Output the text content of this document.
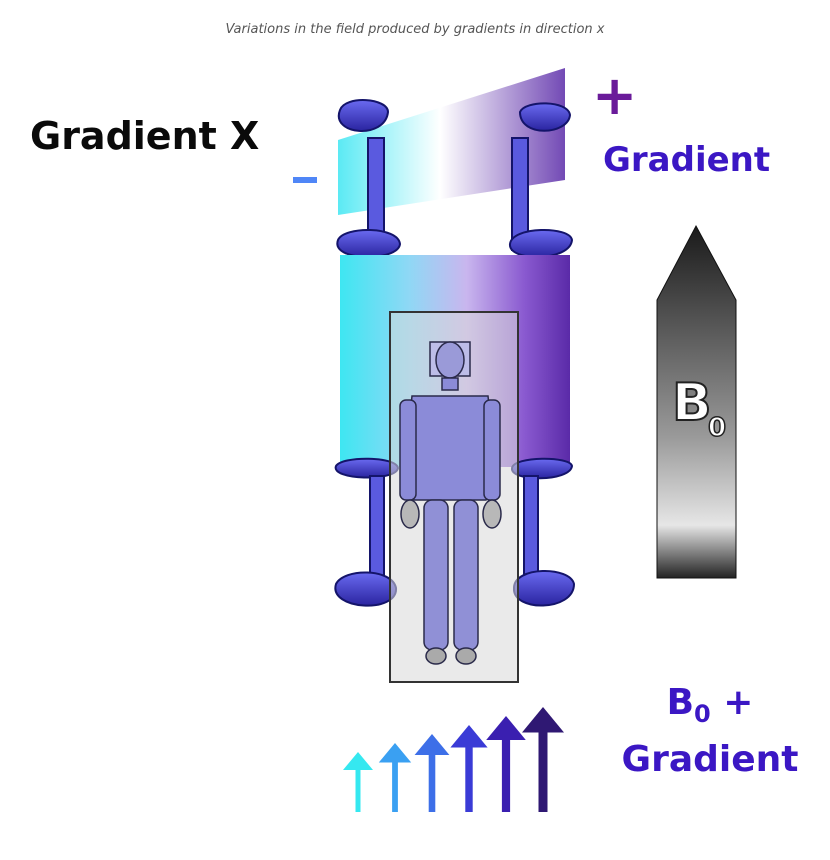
Variations in the field produced by gradients in direction x
Gradient X
+
Gradient
$B_0$ +
Gradient
B
0
